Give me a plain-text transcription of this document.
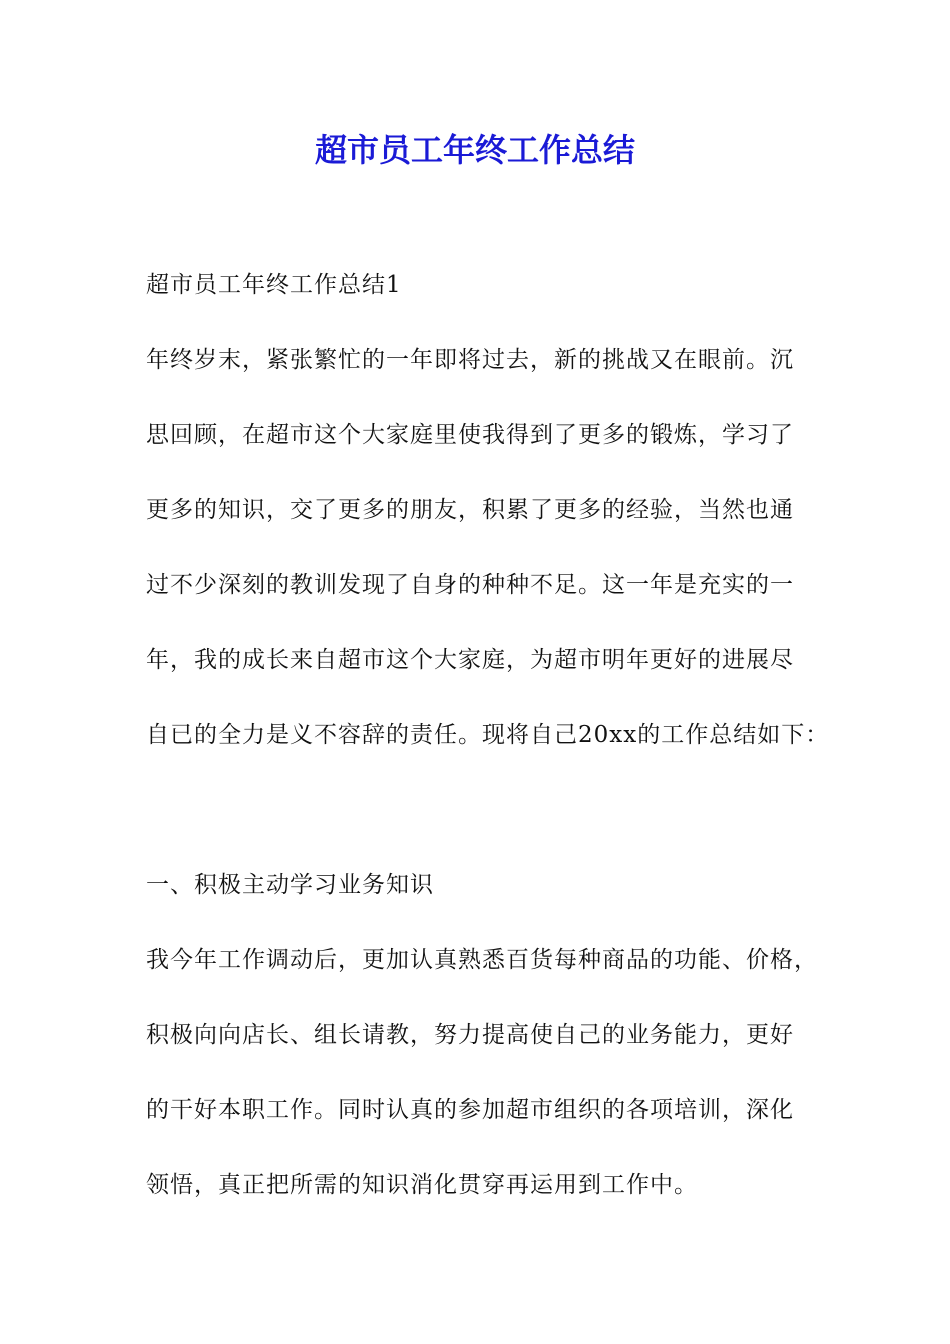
超市员工年终工作总结
超市员工年终工作总结1
年终岁末，紧张繁忙的一年即将过去，新的挑战又在眼前。沉
思回顾，在超市这个大家庭里使我得到了更多的锻炼，学习了
更多的知识，交了更多的朋友，积累了更多的经验，当然也通
过不少深刻的教训发现了自身的种种不足。这一年是充实的一
年，我的成长来自超市这个大家庭，为超市明年更好的进展尽
自已的全力是义不容辞的责任。现将自己20xx的工作总结如下：
一、积极主动学习业务知识
我今年工作调动后，更加认真熟悉百货每种商品的功能、价格，
积极向向店长、组长请教，努力提高使自己的业务能力，更好
的干好本职工作。同时认真的参加超市组织的各项培训，深化
领悟，真正把所需的知识消化贯穿再运用到工作中。
